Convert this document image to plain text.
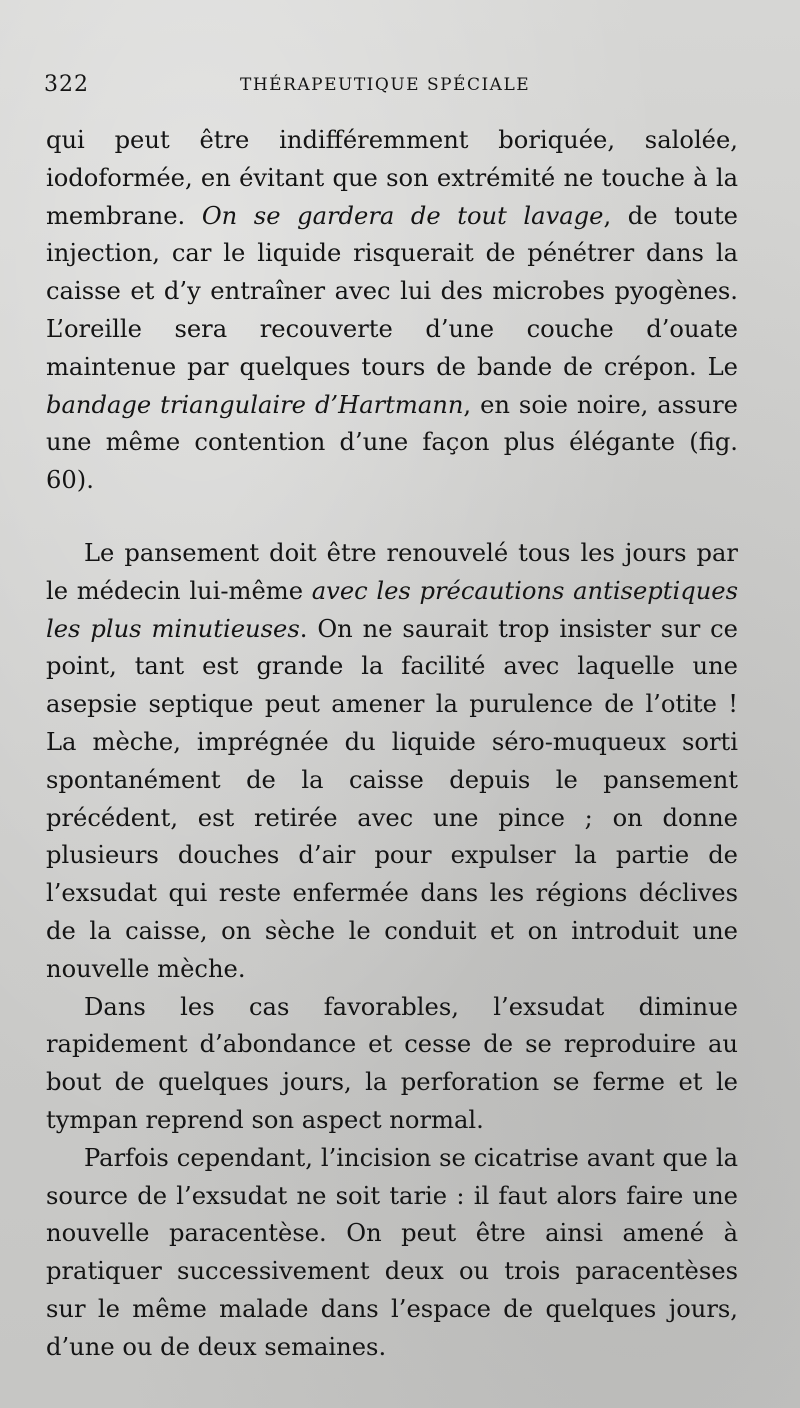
322	THÉRAPEUTIQUE SPÉCIALE

qui peut être indifféremment boriquée, salolée, iodoformée, en évitant que son extrémité ne touche à la membrane. On se gardera de tout lavage, de toute injection, car le liquide risquerait de pénétrer dans la caisse et d’y entraîner avec lui des microbes pyogènes. L’oreille sera recouverte d’une couche d’ouate maintenue par quelques tours de bande de crépon. Le bandage triangulaire d’Hartmann, en soie noire, assure une même contention d’une façon plus élégante (fig. 60).

Le pansement doit être renouvelé tous les jours par le médecin lui-même avec les précautions antiseptiques les plus minutieuses. On ne saurait trop insister sur ce point, tant est grande la facilité avec laquelle une asepsie septique peut amener la purulence de l’otite ! La mèche, imprégnée du liquide séro-muqueux sorti spontanément de la caisse depuis le pansement précédent, est retirée avec une pince ; on donne plusieurs douches d’air pour expulser la partie de l’exsudat qui reste enfermée dans les régions déclives de la caisse, on sèche le conduit et on introduit une nouvelle mèche.

Dans les cas favorables, l’exsudat diminue rapidement d’abondance et cesse de se reproduire au bout de quelques jours, la perforation se ferme et le tympan reprend son aspect normal.

Parfois cependant, l’incision se cicatrise avant que la source de l’exsudat ne soit tarie : il faut alors faire une nouvelle paracentèse. On peut être ainsi amené à pratiquer successivement deux ou trois paracentèses sur le même malade dans l’espace de quelques jours, d’une ou de deux semaines.
